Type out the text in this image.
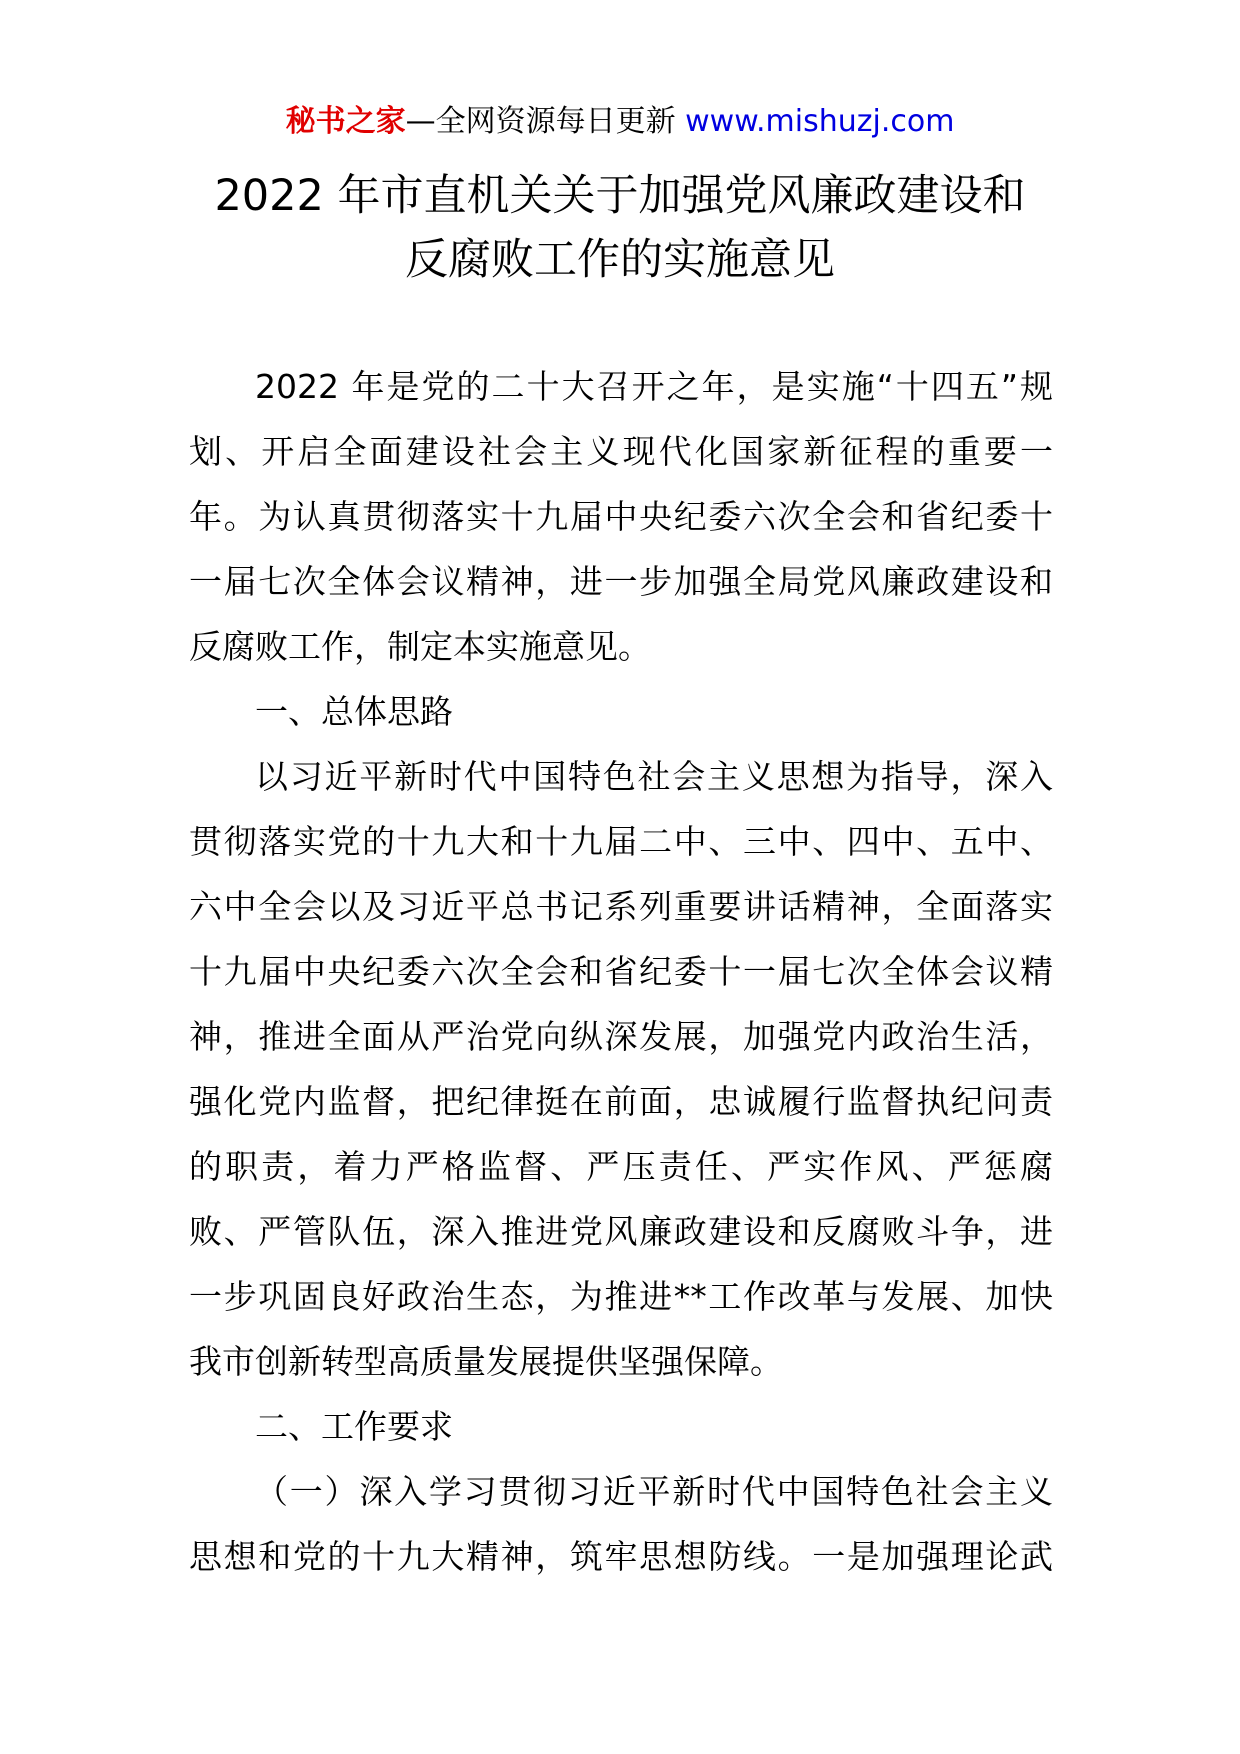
秘书之家—全网资源每日更新 www.mishuzj.com
2022 年市直机关关于加强党风廉政建设和
反腐败工作的实施意见
2022 年是党的二十大召开之年，是实施“十四五”规
划、开启全面建设社会主义现代化国家新征程的重要一
年。为认真贯彻落实十九届中央纪委六次全会和省纪委十
一届七次全体会议精神，进一步加强全局党风廉政建设和
反腐败工作，制定本实施意见。
一、总体思路
以习近平新时代中国特色社会主义思想为指导，深入
贯彻落实党的十九大和十九届二中、三中、四中、五中、
六中全会以及习近平总书记系列重要讲话精神，全面落实
十九届中央纪委六次全会和省纪委十一届七次全体会议精
神，推进全面从严治党向纵深发展，加强党内政治生活，
强化党内监督，把纪律挺在前面，忠诚履行监督执纪问责
的职责，着力严格监督、严压责任、严实作风、严惩腐
败、严管队伍，深入推进党风廉政建设和反腐败斗争，进
一步巩固良好政治生态，为推进**工作改革与发展、加快
我市创新转型高质量发展提供坚强保障。
二、工作要求
（一）深入学习贯彻习近平新时代中国特色社会主义
思想和党的十九大精神，筑牢思想防线。一是加强理论武
